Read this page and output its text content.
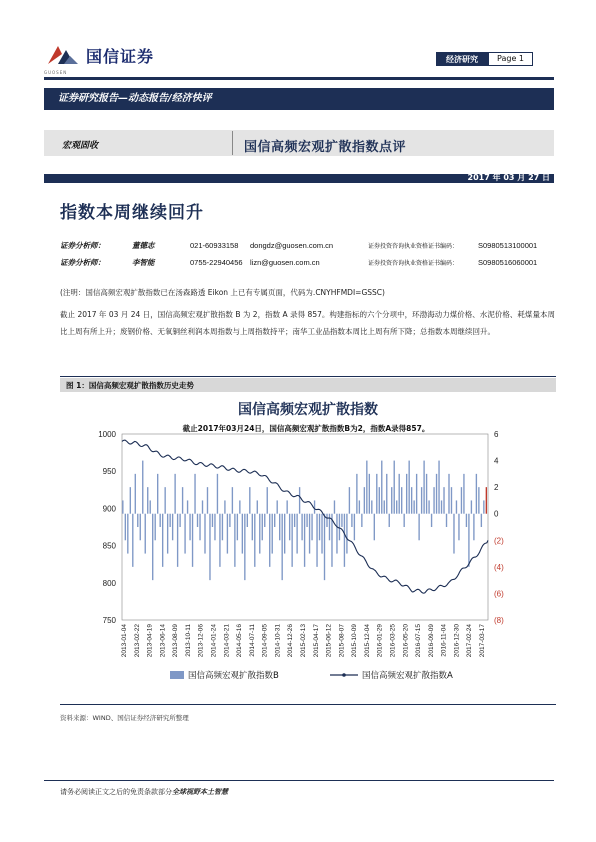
国信证券
GUOSEN
经济研究	Page 1
证券研究报告—动态报告/经济快评
宏观固收	国信高频宏观扩散指数点评
2017 年 03 月 27 日
指数本周继续回升
证券分析师：	董德志	021-60933158	dongdz@guosen.com.cn	证券投资咨询执业资格证书编码：	S0980513100001
证券分析师：	李智能	0755-22940456 lizn@guosen.com.cn	证券投资咨询执业资格证书编码：	S0980516060001
(注明：国信高频宏观扩散指数已在汤森路透 Eikon 上已有专属页面，代码为.CNYHFMDI=GSSC)
截止 2017 年 03 月 24 日，国信高频宏观扩散指数 B 为 2，指数 A 录得 857。构建指标的六个分项中，环渤海动力煤价格、水泥价格、耗煤量本周比上周有所上升；废钢价格、无氧铜丝利润本周指数与上周指数持平；南华工业品指数本周比上周有所下降；总指数本周继续回升。
图 1：国信高频宏观扩散指数历史走势
国信高频宏观扩散指数
截止2017年03月24日，国信高频宏观扩散指数B为2，指数A录得857。
1000
950
900
850
800
750
6
4
2
0
(2)
(4)
(6)
(8)
2013-01-04 2013-02-22 2013-04-19 2013-06-14 2013-08-09 2013-10-11 2013-12-06 2014-01-24 2014-03-21 2014-05-16 2014-07-11 2014-09-05 2014-10-31 2014-12-26 2015-02-13 2015-04-17 2015-06-12 2015-08-07 2015-10-09 2015-12-04 2016-01-29 2016-03-25 2016-05-20 2016-07-15 2016-09-09 2016-11-04 2016-12-30 2017-02-24 2017-03-17
国信高频宏观扩散指数B	国信高频宏观扩散指数A
资料来源：WIND、国信证券经济研究所整理
请务必阅读正文之后的免责条款部分全球视野本土智慧
